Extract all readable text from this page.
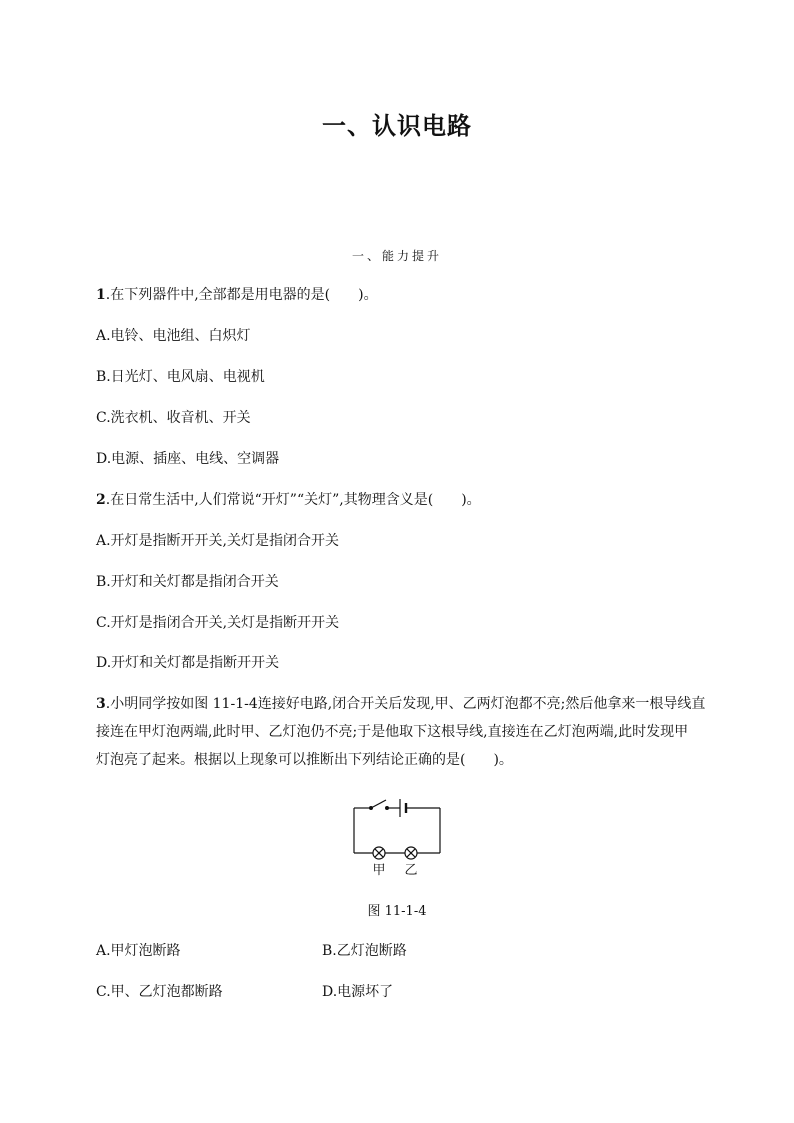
一、认识电路
一、能力提升
1.在下列器件中,全部都是用电器的是(　　)。
A.电铃、电池组、白炽灯
B.日光灯、电风扇、电视机
C.洗衣机、收音机、开关
D.电源、插座、电线、空调器
2.在日常生活中,人们常说“开灯”“关灯”,其物理含义是(　　)。
A.开灯是指断开开关,关灯是指闭合开关
B.开灯和关灯都是指闭合开关
C.开灯是指闭合开关,关灯是指断开开关
D.开灯和关灯都是指断开开关
3.小明同学按如图 11-1-4连接好电路,闭合开关后发现,甲、乙两灯泡都不亮;然后他拿来一根导线直
接连在甲灯泡两端,此时甲、乙灯泡仍不亮;于是他取下这根导线,直接连在乙灯泡两端,此时发现甲
灯泡亮了起来。根据以上现象可以推断出下列结论正确的是(　　)。
甲 乙
图 11-1-4
A.甲灯泡断路	B.乙灯泡断路
C.甲、乙灯泡都断路	D.电源坏了
